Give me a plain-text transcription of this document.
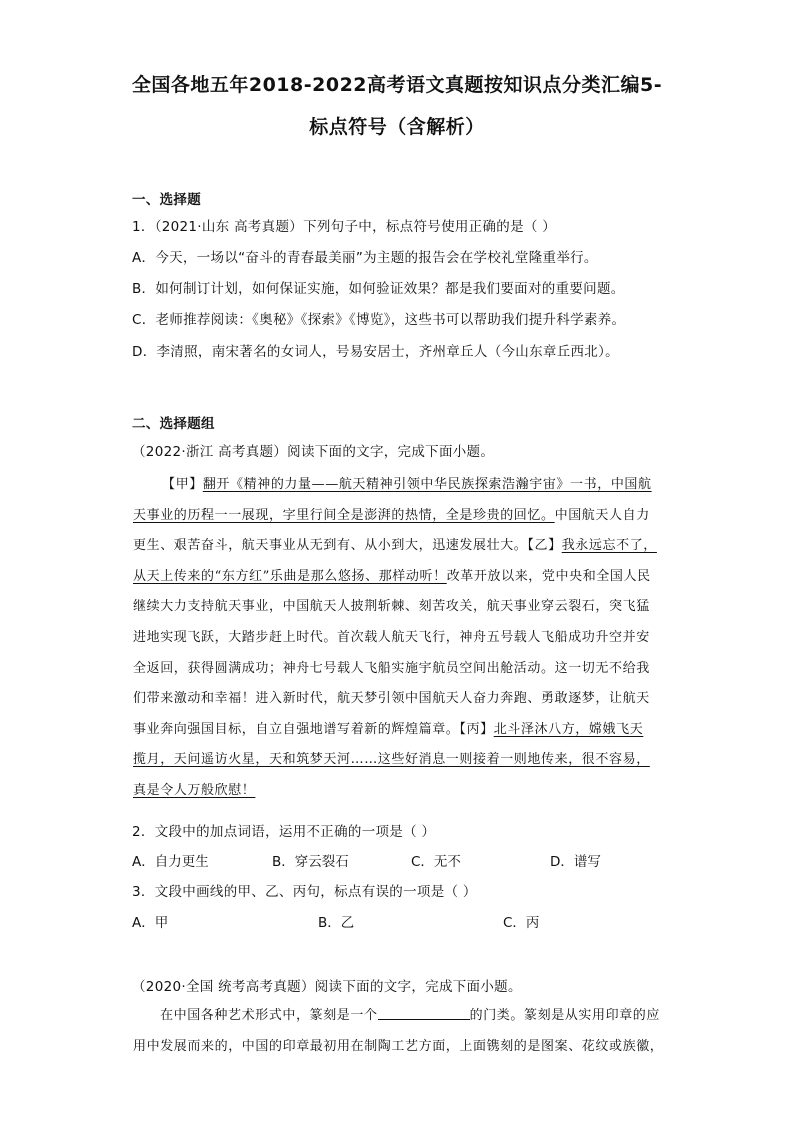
全国各地五年2018-2022高考语文真题按知识点分类汇编5-
标点符号（含解析）
一、选择题
1．（2021·山东 高考真题）下列句子中，标点符号使用正确的是（ ）
A．今天，一场以“奋斗的青春最美丽”为主题的报告会在学校礼堂隆重举行。
B．如何制订计划，如何保证实施，如何验证效果？都是我们要面对的重要问题。
C．老师推荐阅读：《奥秘》《探索》《博览》，这些书可以帮助我们提升科学素养。
D．李清照，南宋著名的女词人，号易安居士，齐州章丘人（今山东章丘西北）。
二、选择题组
（2022·浙江 高考真题）阅读下面的文字，完成下面小题。
【甲】翻开《精神的力量——航天精神引领中华民族探索浩瀚宇宙》一书，中国航
天事业的历程一一展现，字里行间全是澎湃的热情，全是珍贵的回忆。中国航天人自力
更生、艰苦奋斗，航天事业从无到有、从小到大，迅速发展壮大。【乙】我永远忘不了，
从天上传来的“东方红”乐曲是那么悠扬、那样动听！改革开放以来，党中央和全国人民
继续大力支持航天事业，中国航天人披荆斩棘、刻苦攻关，航天事业穿云裂石，突飞猛
进地实现飞跃，大踏步赶上时代。首次载人航天飞行，神舟五号载人飞船成功升空并安
全返回，获得圆满成功；神舟七号载人飞船实施宇航员空间出舱活动。这一切无不给我
们带来激动和幸福！进入新时代，航天梦引领中国航天人奋力奔跑、勇敢逐梦，让航天
事业奔向强国目标，自立自强地谱写着新的辉煌篇章。【丙】北斗泽沐八方，嫦娥飞天
揽月，天问遥访火星，天和筑梦天河……这些好消息一则接着一则地传来，很不容易，
真是令人万般欣慰！
2．文段中的加点词语，运用不正确的一项是（ ）
A．自力更生	B．穿云裂石	C．无不	D．谱写
3．文段中画线的甲、乙、丙句，标点有误的一项是（ ）
A．甲	B．乙	C．丙
（2020·全国 统考高考真题）阅读下面的文字，完成下面小题。
在中国各种艺术形式中，篆刻是一个	的门类。篆刻是从实用印章的应
用中发展而来的，中国的印章最初用在制陶工艺方面，上面镌刻的是图案、花纹或族徽，
